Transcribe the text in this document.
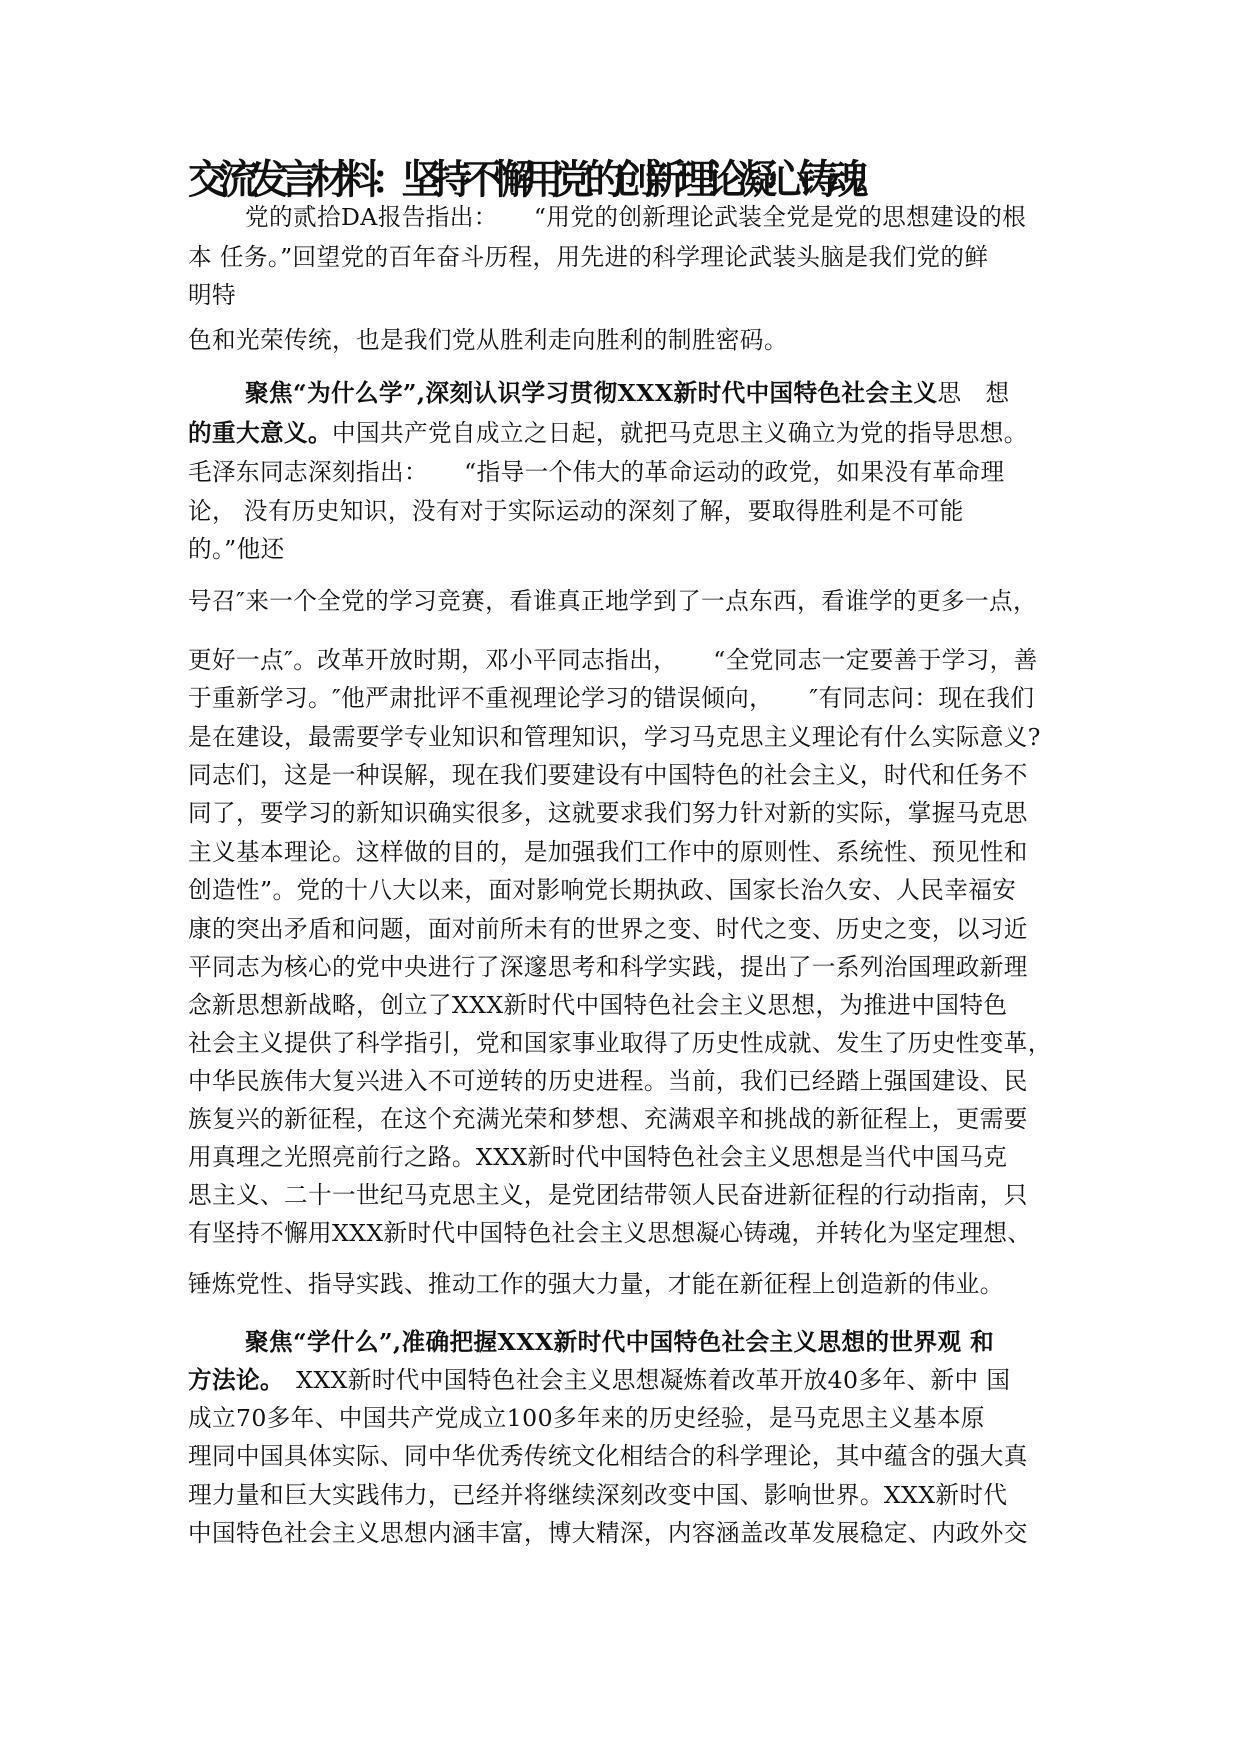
交流发言材料：坚持不懈用党的创新理论凝心铸魂
党的贰拾DA报告指出：　　“用党的创新理论武装全党是党的思想建设的根
本 任务。”回望党的百年奋斗历程，用先进的科学理论武装头脑是我们党的鲜
明特
色和光荣传统，也是我们党从胜利走向胜利的制胜密码。
聚焦“为什么学”,深刻认识学习贯彻XXX新时代中国特色社会主义思　想
的重大意义。中国共产党自成立之日起，就把马克思主义确立为党的指导思想。
毛泽东同志深刻指出：　　“指导一个伟大的革命运动的政党，如果没有革命理
论， 没有历史知识，没有对于实际运动的深刻了解，要取得胜利是不可能
的。”他还
号召″来一个全党的学习竞赛，看谁真正地学到了一点东西，看谁学的更多一点，
更好一点″。改革开放时期，邓小平同志指出，　　“全党同志一定要善于学习，善
于重新学习。″他严肃批评不重视理论学习的错误倾向，　　″有同志问：现在我们
是在建设，最需要学专业知识和管理知识，学习马克思主义理论有什么实际意义?
同志们，这是一种误解，现在我们要建设有中国特色的社会主义，时代和任务不
同了，要学习的新知识确实很多，这就要求我们努力针对新的实际，掌握马克思
主义基本理论。这样做的目的，是加强我们工作中的原则性、系统性、预见性和
创造性”。党的十八大以来，面对影响党长期执政、国家长治久安、人民幸福安
康的突出矛盾和问题，面对前所未有的世界之变、时代之变、历史之变，以习近
平同志为核心的党中央进行了深邃思考和科学实践，提出了一系列治国理政新理
念新思想新战略，创立了XXX新时代中国特色社会主义思想，为推进中国特色
社会主义提供了科学指引，党和国家事业取得了历史性成就、发生了历史性变革，
中华民族伟大复兴进入不可逆转的历史进程。当前，我们已经踏上强国建设、民
族复兴的新征程，在这个充满光荣和梦想、充满艰辛和挑战的新征程上，更需要
用真理之光照亮前行之路。XXX新时代中国特色社会主义思想是当代中国马克
思主义、二十一世纪马克思主义，是党团结带领人民奋进新征程的行动指南，只
有坚持不懈用XXX新时代中国特色社会主义思想凝心铸魂，并转化为坚定理想、
锤炼党性、指导实践、推动工作的强大力量，才能在新征程上创造新的伟业。
聚焦“学什么”,准确把握XXX新时代中国特色社会主义思想的世界观 和
方法论。　XXX新时代中国特色社会主义思想凝炼着改革开放40多年、新中 国
成立70多年、中国共产党成立100多年来的历史经验，是马克思主义基本原
理同中国具体实际、同中华优秀传统文化相结合的科学理论，其中蕴含的强大真
理力量和巨大实践伟力，已经并将继续深刻改变中国、影响世界。XXX新时代
中国特色社会主义思想内涵丰富，博大精深，内容涵盖改革发展稳定、内政外交
